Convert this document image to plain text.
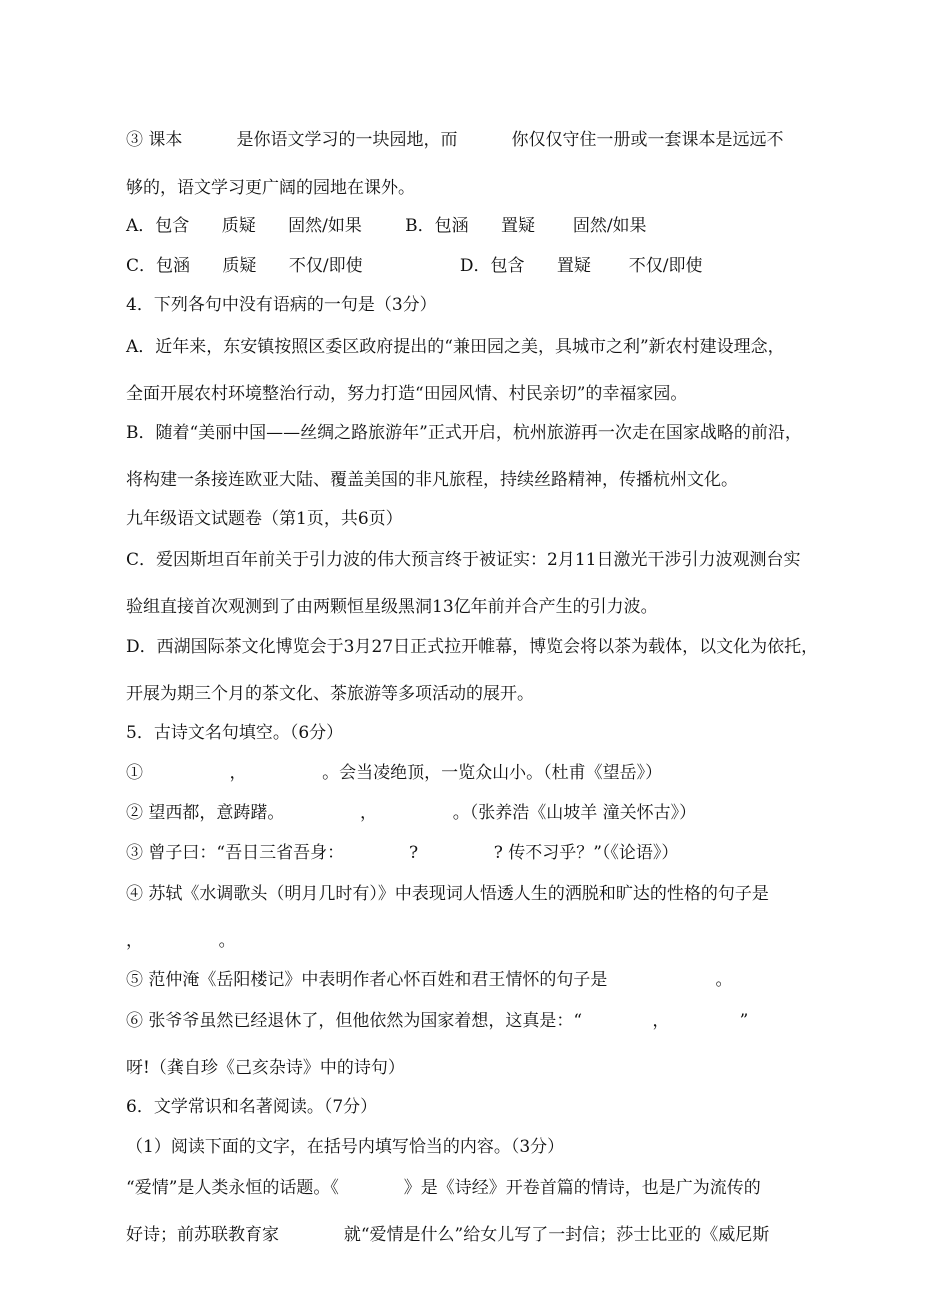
③ 课本          是你语文学习的一块园地，而          你仅仅守住一册或一套课本是远远不
够的，语文学习更广阔的园地在课外。
A．包含      质疑      固然/如果        B．包涵      置疑       固然/如果
C．包涵      质疑      不仅/即使                  D．包含      置疑       不仅/即使
4．下列各句中没有语病的一句是（3分）
A．近年来，东安镇按照区委区政府提出的“兼田园之美，具城市之利”新农村建设理念，
全面开展农村环境整治行动，努力打造“田园风情、村民亲切”的幸福家园。
B．随着“美丽中国——丝绸之路旅游年”正式开启，杭州旅游再一次走在国家战略的前沿，
将构建一条接连欧亚大陆、覆盖美国的非凡旅程，持续丝路精神，传播杭州文化。
九年级语文试题卷（第1页，共6页）
C．爱因斯坦百年前关于引力波的伟大预言终于被证实：2月11日激光干涉引力波观测台实
验组直接首次观测到了由两颗恒星级黑洞13亿年前并合产生的引力波。
D．西湖国际茶文化博览会于3月27日正式拉开帷幕，博览会将以茶为载体，以文化为依托，
开展为期三个月的茶文化、茶旅游等多项活动的展开。
5．古诗文名句填空。（6分）
①                ，              。会当凌绝顶，一览众山小。（杜甫《望岳》）
② 望西都，意踌躇。              ，              。（张养浩《山坡羊 潼关怀古》）
③ 曾子曰：“吾日三省吾身：            ?              ? 传不习乎？”（《论语》）
④ 苏轼《水调歌头（明月几时有）》中表现词人悟透人生的洒脱和旷达的性格的句子是
，              。
⑤ 范仲淹《岳阳楼记》中表明作者心怀百姓和君王情怀的句子是                    。
⑥ 张爷爷虽然已经退休了，但他依然为国家着想，这真是：“             ，             ”
呀!（龚自珍《己亥杂诗》中的诗句）
6．文学常识和名著阅读。（7分）
（1）阅读下面的文字，在括号内填写恰当的内容。（3分）
“爱情”是人类永恒的话题。《            》是《诗经》开卷首篇的情诗，也是广为流传的
好诗；前苏联教育家            就“爱情是什么”给女儿写了一封信；莎士比亚的《威尼斯
